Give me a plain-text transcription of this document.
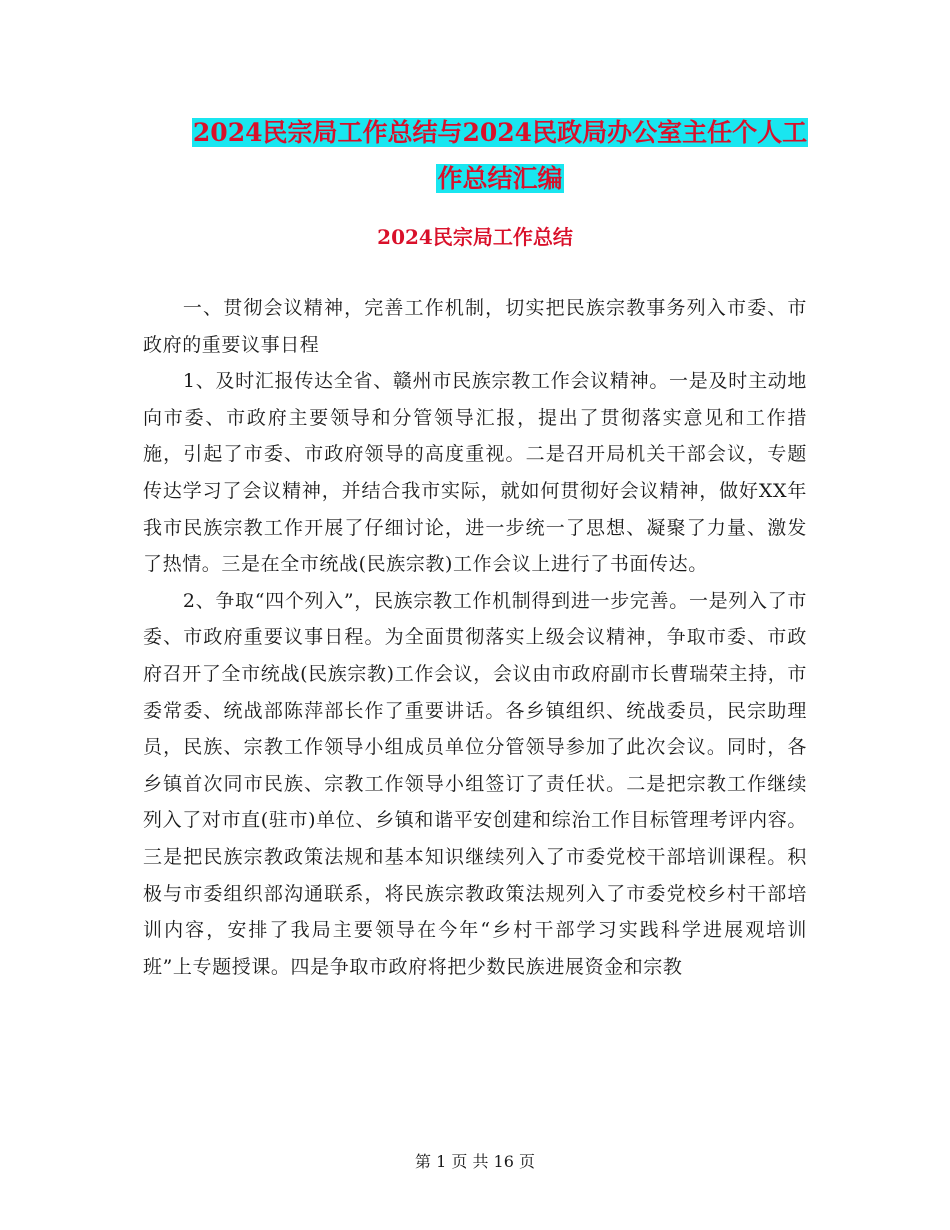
2024民宗局工作总结与2024民政局办公室主任个人工
作总结汇编
2024民宗局工作总结

一、贯彻会议精神，完善工作机制，切实把民族宗教事务列入市委、市政府的重要议事日程

1、及时汇报传达全省、赣州市民族宗教工作会议精神。一是及时主动地向市委、市政府主要领导和分管领导汇报，提出了贯彻落实意见和工作措施，引起了市委、市政府领导的高度重视。二是召开局机关干部会议，专题传达学习了会议精神，并结合我市实际，就如何贯彻好会议精神，做好XX年我市民族宗教工作开展了仔细讨论，进一步统一了思想、凝聚了力量、激发了热情。三是在全市统战(民族宗教)工作会议上进行了书面传达。

2、争取“四个列入”，民族宗教工作机制得到进一步完善。一是列入了市委、市政府重要议事日程。为全面贯彻落实上级会议精神，争取市委、市政府召开了全市统战(民族宗教)工作会议，会议由市政府副市长曹瑞荣主持，市委常委、统战部陈萍部长作了重要讲话。各乡镇组织、统战委员，民宗助理员，民族、宗教工作领导小组成员单位分管领导参加了此次会议。同时，各乡镇首次同市民族、宗教工作领导小组签订了责任状。二是把宗教工作继续列入了对市直(驻市)单位、乡镇和谐平安创建和综治工作目标管理考评内容。三是把民族宗教政策法规和基本知识继续列入了市委党校干部培训课程。积极与市委组织部沟通联系，将民族宗教政策法规列入了市委党校乡村干部培训内容，安排了我局主要领导在今年“乡村干部学习实践科学进展观培训班”上专题授课。四是争取市政府将把少数民族进展资金和宗教

第 1 页 共 16 页
